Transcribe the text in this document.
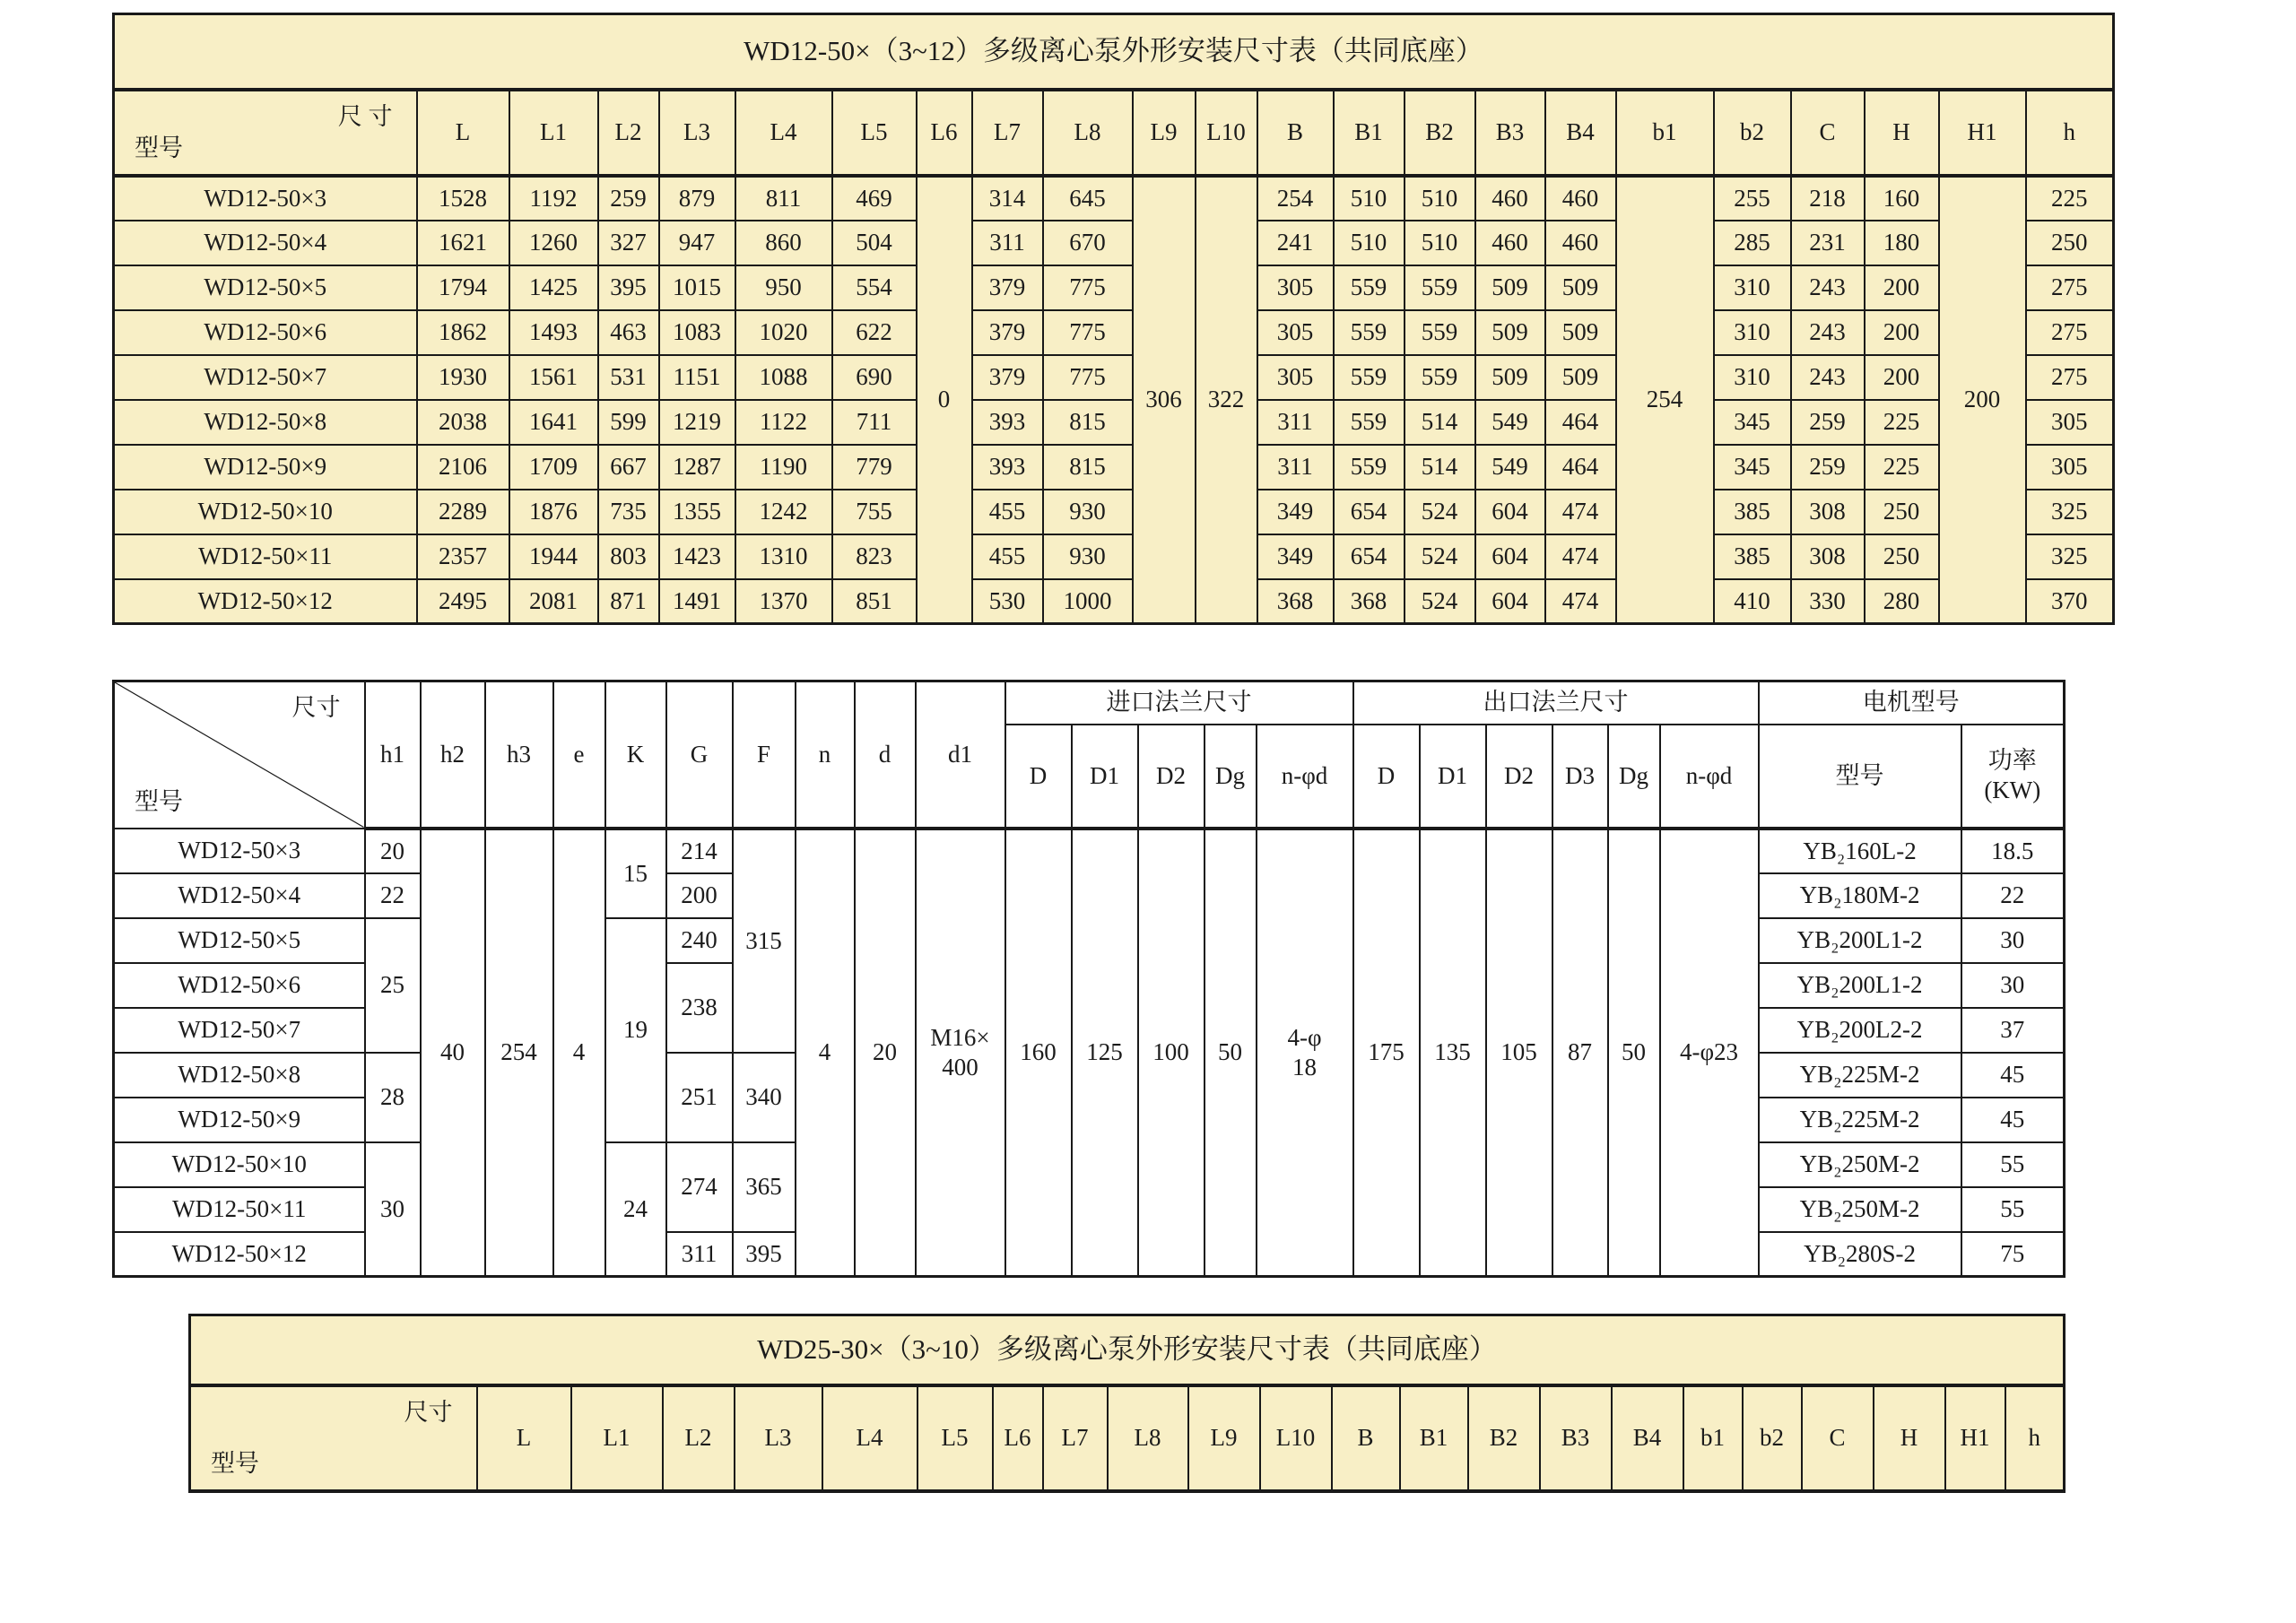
WD12-50×（3~12）多级离心泵外形安装尺寸表（共同底座）																						

尺 寸
型号	L	L1	L2	L3	L4	L5	L6	L7	L8	L9	L10	B	B1	B2	B3	B4	b1	b2	C	H	H1	h
WD12-50×3	1528	1192	259	879	811	469	0	314	645	306	322	254	510	510	460	460	254	255	218	160	200	225
WD12-50×4	1621	1260	327	947	860	504		311	670			241	510	510	460	460		285	231	180		250
WD12-50×5	1794	1425	395	1015	950	554		379	775			305	559	559	509	509		310	243	200		275
WD12-50×6	1862	1493	463	1083	1020	622		379	775			305	559	559	509	509		310	243	200		275
WD12-50×7	1930	1561	531	1151	1088	690		379	775			305	559	559	509	509		310	243	200		275
WD12-50×8	2038	1641	599	1219	1122	711		393	815			311	559	514	549	464		345	259	225		305
WD12-50×9	2106	1709	667	1287	1190	779		393	815			311	559	514	549	464		345	259	225		305
WD12-50×10	2289	1876	735	1355	1242	755		455	930			349	654	524	604	474		385	308	250		325
WD12-50×11	2357	1944	803	1423	1310	823		455	930			349	654	524	604	474		385	308	250		325
WD12-50×12	2495	2081	871	1491	1370	851		530	1000			368	368	524	604	474		410	330	280		370
尺寸
型号	h1	h2	h3	e	K	G	F	n	d	d1	进口法兰尺寸					出口法兰尺寸						电机型号	
											D	D1	D2	Dg	n-φd	D	D1	D2	D3	Dg	n-φd	型号	功率
(KW)

WD12-50×3	20	40	254	4	15	214	315	4	20	M16×
400	160	125	100	50	4-φ
18	175	135	105	87	50	4-φ23	YB₂160L-2	18.5
WD12-50×4	22					200																YB₂180M-2	22
WD12-50×5	25				19	240																YB₂200L1-2	30
WD12-50×6						238																YB₂200L1-2	30
WD12-50×7																						YB₂200L2-2	37
WD12-50×8	28					251	340															YB₂225M-2	45
WD12-50×9																						YB₂225M-2	45
WD12-50×10	30				24	274	365															YB₂250M-2	55
WD12-50×11																						YB₂250M-2	55
WD12-50×12						311	395															YB₂280S-2	75
WD25-30×（3~10）多级离心泵外形安装尺寸表（共同底座）

尺寸
型号
	L	L1	L2	L3	L4	L5	L6	L7	L8	L9	L10	B	B1	B2	B3	B4	b1	b2	C	H	H1	h
